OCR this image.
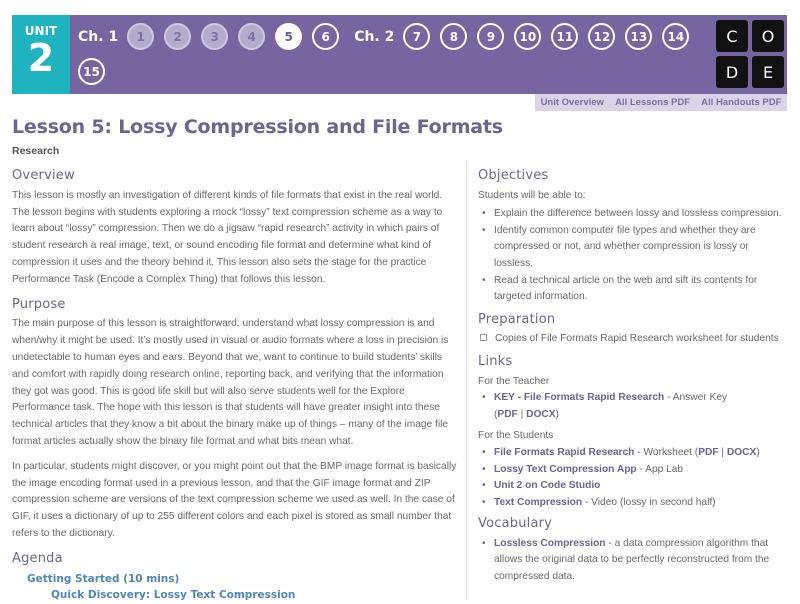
UNIT
2	Ch. 1	1	2	3	4	5	6	Ch. 2	7	8	9	10	11	12	13	14
15
C	O
D	E
Unit Overview All Lessons PDF All Handouts PDF
Lesson 5: Lossy Compression and File Formats
Research
Overview

This lesson is mostly an investigation of different kinds of file formats that exist in the real world. The lesson begins with students exploring a mock “lossy” text compression scheme as a way to learn about “lossy” compression. Then we do a jigsaw “rapid research” activity in which pairs of student research a real image, text, or sound encoding file format and determine what kind of compression it uses and the theory behind it. This lesson also sets the stage for the practice Performance Task (Encode a Complex Thing) that follows this lesson.

Purpose

The main purpose of this lesson is straightforward: understand what lossy compression is and when/why it might be used. It’s mostly used in visual or audio formats where a loss in precision is undetectable to human eyes and ears. Beyond that we, want to continue to build students’ skills and comfort with rapidly doing research online, reporting back, and verifying that the information they got was good. This is good life skill but will also serve students well for the Explore Performance task. The hope with this lesson is that students will have greater insight into these technical articles that they know a bit about the binary make up of things – many of the image file format articles actually show the binary file format and what bits mean what.

In particular, students might discover, or you might point out that the BMP image format is basically the image encoding format used in a previous lesson, and that the GIF image format and ZIP compression scheme are versions of the text compression scheme we used as well. In the case of GIF, it uses a dictionary of up to 255 different colors and each pixel is stored as small number that refers to the dictionary.

Agenda
Getting Started (10 mins)
Quick Discovery: Lossy Text Compression
Objectives
Students will be able to:
• Explain the difference between lossy and lossless compression.
• Identify common computer file types and whether they are compressed or not, and whether compression is lossy or lossless.
• Read a technical article on the web and sift its contents for targeted information.
Preparation
Copies of File Formats Rapid Research worksheet for students
Links
For the Teacher
• KEY - File Formats Rapid Research - Answer Key (PDF | DOCX)
For the Students
• File Formats Rapid Research - Worksheet (PDF | DOCX)
• Lossy Text Compression App - App Lab
• Unit 2 on Code Studio
• Text Compression - Video (lossy in second half)
Vocabulary
• Lossless Compression - a data compression algorithm that allows the original data to be perfectly reconstructed from the compressed data.
